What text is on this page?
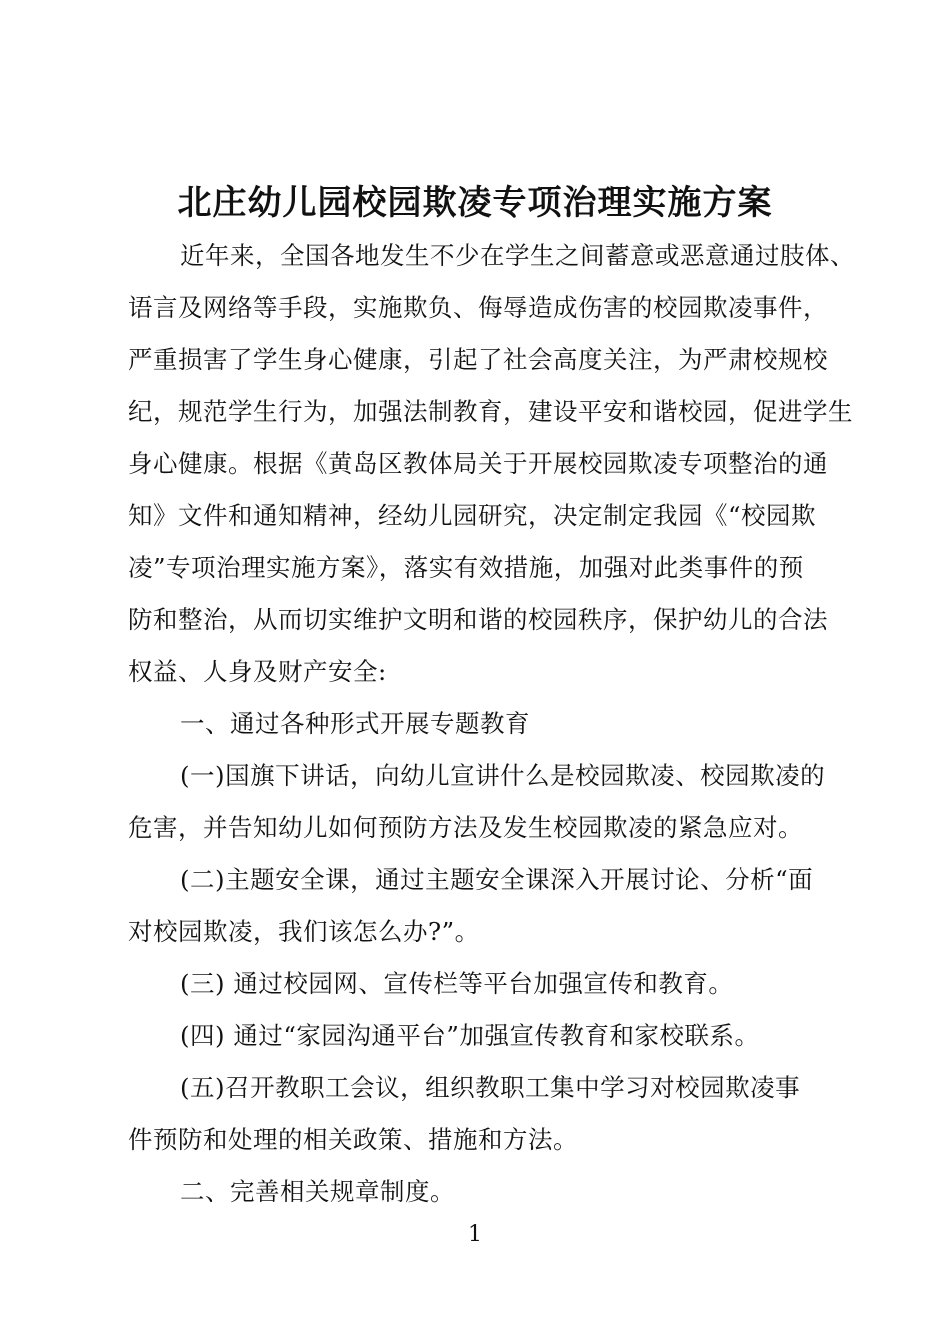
北庄幼儿园校园欺凌专项治理实施方案
近年来，全国各地发生不少在学生之间蓄意或恶意通过肢体、
语言及网络等手段，实施欺负、侮辱造成伤害的校园欺凌事件，
严重损害了学生身心健康，引起了社会高度关注，为严肃校规校
纪，规范学生行为，加强法制教育，建设平安和谐校园，促进学生
身心健康。根据《黄岛区教体局关于开展校园欺凌专项整治的通
知》文件和通知精神，经幼儿园研究，决定制定我园《“校园欺
凌”专项治理实施方案》，落实有效措施，加强对此类事件的预
防和整治，从而切实维护文明和谐的校园秩序，保护幼儿的合法
权益、人身及财产安全:
一、通过各种形式开展专题教育
(一)国旗下讲话，向幼儿宣讲什么是校园欺凌、校园欺凌的
危害，并告知幼儿如何预防方法及发生校园欺凌的紧急应对。
(二)主题安全课，通过主题安全课深入开展讨论、分析“面
对校园欺凌，我们该怎么办?”。
(三) 通过校园网、宣传栏等平台加强宣传和教育。
(四) 通过“家园沟通平台”加强宣传教育和家校联系。
(五)召开教职工会议，组织教职工集中学习对校园欺凌事
件预防和处理的相关政策、措施和方法。
二、完善相关规章制度。
1
